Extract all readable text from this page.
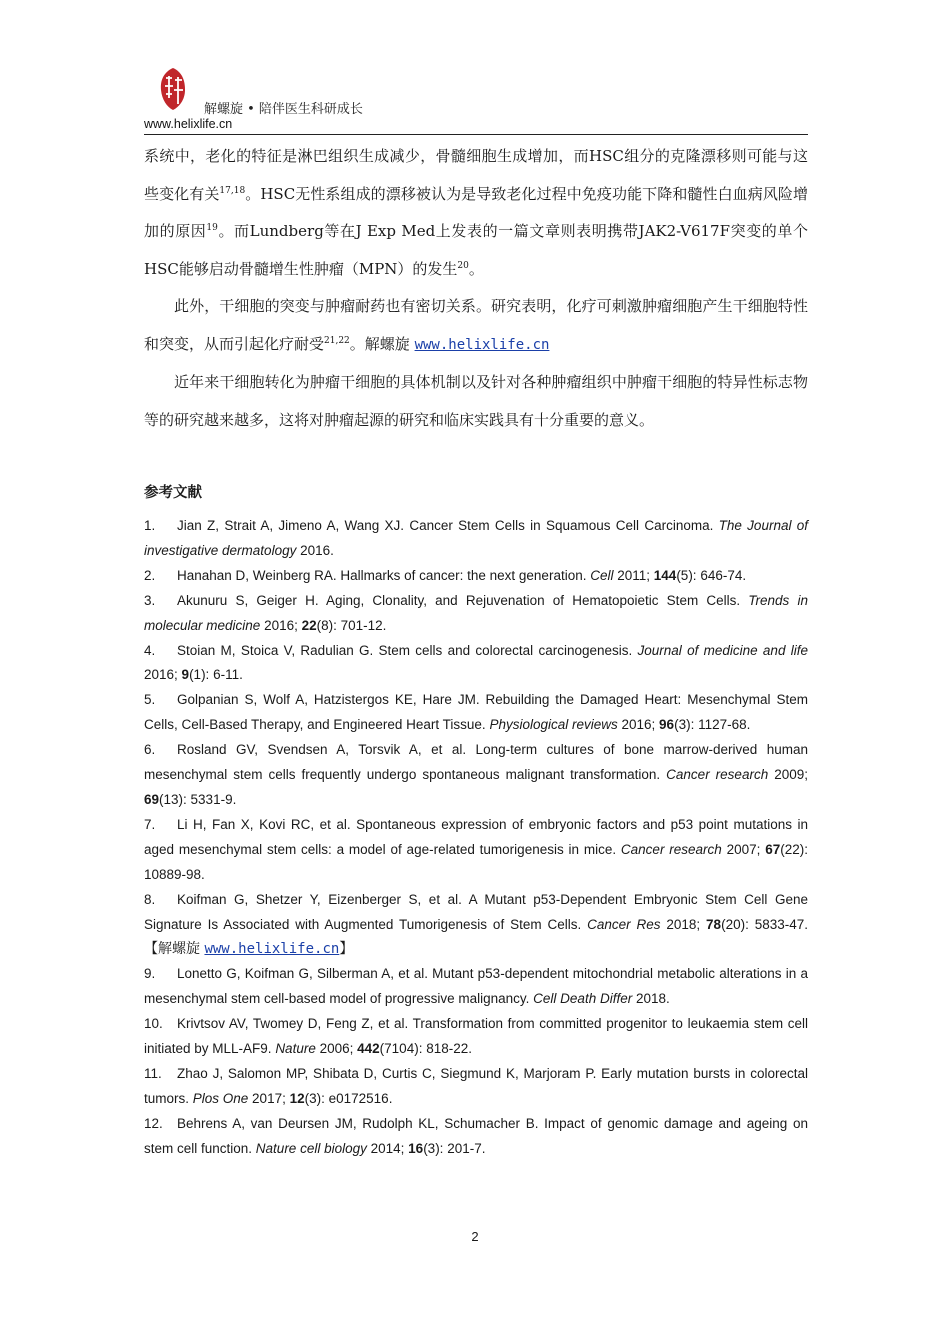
解螺旋 • 陪伴医生科研成长
www.helixlife.cn

系统中，老化的特征是淋巴组织生成减少，骨髓细胞生成增加，而HSC组分的克隆漂移则可能与这些变化有关$^{17,18}$。HSC无性系组成的漂移被认为是导致老化过程中免疫功能下降和髓性白血病风险增加的原因$^{19}$。而Lundberg等在J Exp Med上发表的一篇文章则表明携带JAK2-V617F突变的单个HSC能够启动骨髓增生性肿瘤（MPN）的发生$^{20}$。

此外，干细胞的突变与肿瘤耐药也有密切关系。研究表明，化疗可刺激肿瘤细胞产生干细胞特性和突变，从而引起化疗耐受$^{21,22}$。解螺旋 www.helixlife.cn

近年来干细胞转化为肿瘤干细胞的具体机制以及针对各种肿瘤组织中肿瘤干细胞的特异性标志物等的研究越来越多，这将对肿瘤起源的研究和临床实践具有十分重要的意义。

参考文献

1. Jian Z, Strait A, Jimeno A, Wang XJ. Cancer Stem Cells in Squamous Cell Carcinoma. The Journal of investigative dermatology 2016.

2. Hanahan D, Weinberg RA. Hallmarks of cancer: the next generation. Cell 2011; 144(5): 646-74.

3. Akunuru S, Geiger H. Aging, Clonality, and Rejuvenation of Hematopoietic Stem Cells. Trends in molecular medicine 2016; 22(8): 701-12.

4. Stoian M, Stoica V, Radulian G. Stem cells and colorectal carcinogenesis. Journal of medicine and life 2016; 9(1): 6-11.

5. Golpanian S, Wolf A, Hatzistergos KE, Hare JM. Rebuilding the Damaged Heart: Mesenchymal Stem Cells, Cell-Based Therapy, and Engineered Heart Tissue. Physiological reviews 2016; 96(3): 1127-68.

6. Rosland GV, Svendsen A, Torsvik A, et al. Long-term cultures of bone marrow-derived human mesenchymal stem cells frequently undergo spontaneous malignant transformation. Cancer research 2009; 69(13): 5331-9.

7. Li H, Fan X, Kovi RC, et al. Spontaneous expression of embryonic factors and p53 point mutations in aged mesenchymal stem cells: a model of age-related tumorigenesis in mice. Cancer research 2007; 67(22): 10889-98.

8. Koifman G, Shetzer Y, Eizenberger S, et al. A Mutant p53-Dependent Embryonic Stem Cell Gene Signature Is Associated with Augmented Tumorigenesis of Stem Cells. Cancer Res 2018; 78(20): 5833-47. 【解螺旋 www.helixlife.cn】

9. Lonetto G, Koifman G, Silberman A, et al. Mutant p53-dependent mitochondrial metabolic alterations in a mesenchymal stem cell-based model of progressive malignancy. Cell Death Differ 2018.

10. Krivtsov AV, Twomey D, Feng Z, et al. Transformation from committed progenitor to leukaemia stem cell initiated by MLL-AF9. Nature 2006; 442(7104): 818-22.

11. Zhao J, Salomon MP, Shibata D, Curtis C, Siegmund K, Marjoram P. Early mutation bursts in colorectal tumors. Plos One 2017; 12(3): e0172516.

12. Behrens A, van Deursen JM, Rudolph KL, Schumacher B. Impact of genomic damage and ageing on stem cell function. Nature cell biology 2014; 16(3): 201-7.

2
